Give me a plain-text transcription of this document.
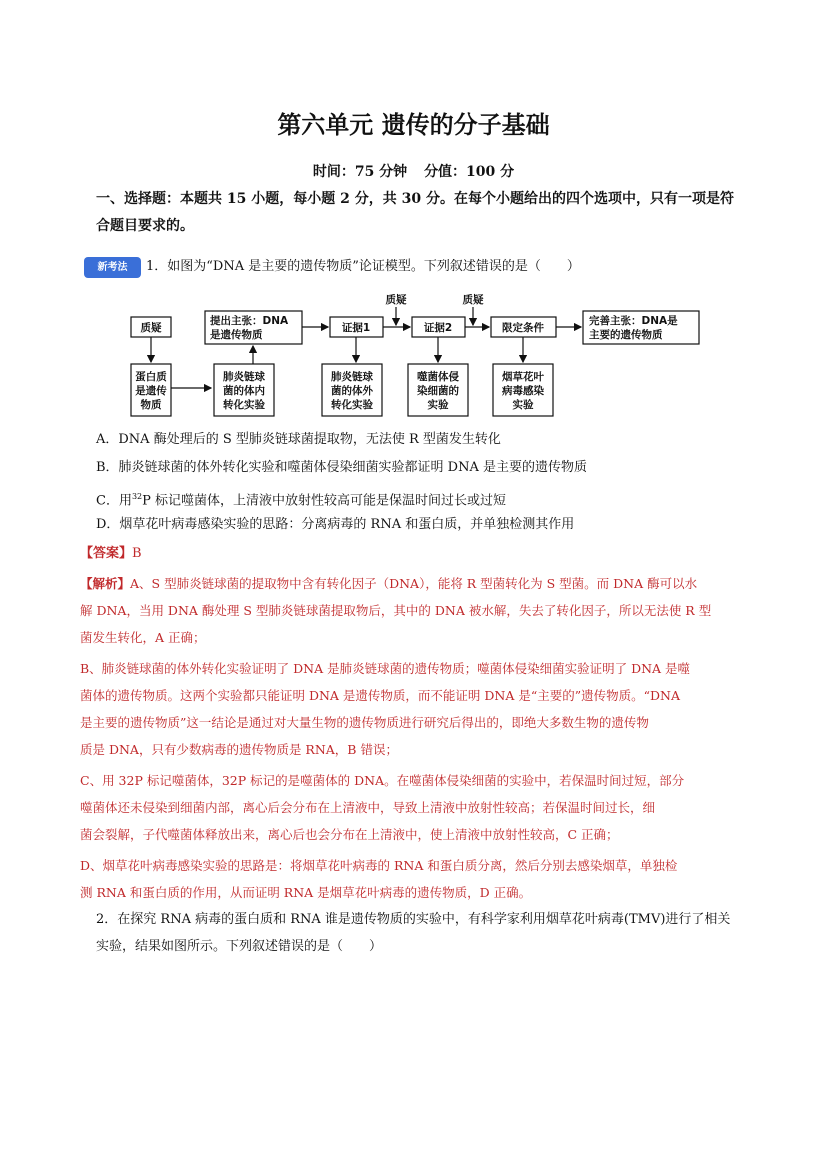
第六单元 遗传的分子基础
时间：75 分钟 分值：100 分
一、选择题：本题共 15 小题，每小题 2 分，共 30 分。在每个小题给出的四个选项中，只有一项是符合题目要求的。
新考法	1．如图为“DNA 是主要的遗传物质”论证模型。下列叙述错误的是（　　）
质疑
提出主张：DNA
是遗传物质
证据1	证据2	限定条件
完善主张：DNA是
主要的遗传物质
质疑	质疑
蛋白质
是遗传
物质
肺炎链球
菌的体内
转化实验
肺炎链球
菌的体外
转化实验
噬菌体侵
染细菌的
实验
烟草花叶
病毒感染
实验
A．DNA 酶处理后的 S 型肺炎链球菌提取物，无法使 R 型菌发生转化
B．肺炎链球菌的体外转化实验和噬菌体侵染细菌实验都证明 DNA 是主要的遗传物质
C．用$^{32}$P 标记噬菌体，上清液中放射性较高可能是保温时间过长或过短
D．烟草花叶病毒感染实验的思路：分离病毒的 RNA 和蛋白质，并单独检测其作用
【答案】B
【解析】A、S 型肺炎链球菌的提取物中含有转化因子（DNA），能将 R 型菌转化为 S 型菌。而 DNA 酶可以水
解 DNA，当用 DNA 酶处理 S 型肺炎链球菌提取物后，其中的 DNA 被水解，失去了转化因子，所以无法使 R 型
菌发生转化，A 正确；
B、肺炎链球菌的体外转化实验证明了 DNA 是肺炎链球菌的遗传物质；噬菌体侵染细菌实验证明了 DNA 是噬
菌体的遗传物质。这两个实验都只能证明 DNA 是遗传物质，而不能证明 DNA 是“主要的”遗传物质。“DNA
是主要的遗传物质”这一结论是通过对大量生物的遗传物质进行研究后得出的，即绝大多数生物的遗传物
质是 DNA，只有少数病毒的遗传物质是 RNA，B 错误；
C、用 32P 标记噬菌体，32P 标记的是噬菌体的 DNA。在噬菌体侵染细菌的实验中，若保温时间过短，部分
噬菌体还未侵染到细菌内部，离心后会分布在上清液中，导致上清液中放射性较高；若保温时间过长，细
菌会裂解，子代噬菌体释放出来，离心后也会分布在上清液中，使上清液中放射性较高，C 正确；
D、烟草花叶病毒感染实验的思路是：将烟草花叶病毒的 RNA 和蛋白质分离，然后分别去感染烟草，单独检
测 RNA 和蛋白质的作用，从而证明 RNA 是烟草花叶病毒的遗传物质，D 正确。
2．在探究 RNA 病毒的蛋白质和 RNA 谁是遗传物质的实验中，有科学家利用烟草花叶病毒(TMV)进行了相关
实验，结果如图所示。下列叙述错误的是（　　）
